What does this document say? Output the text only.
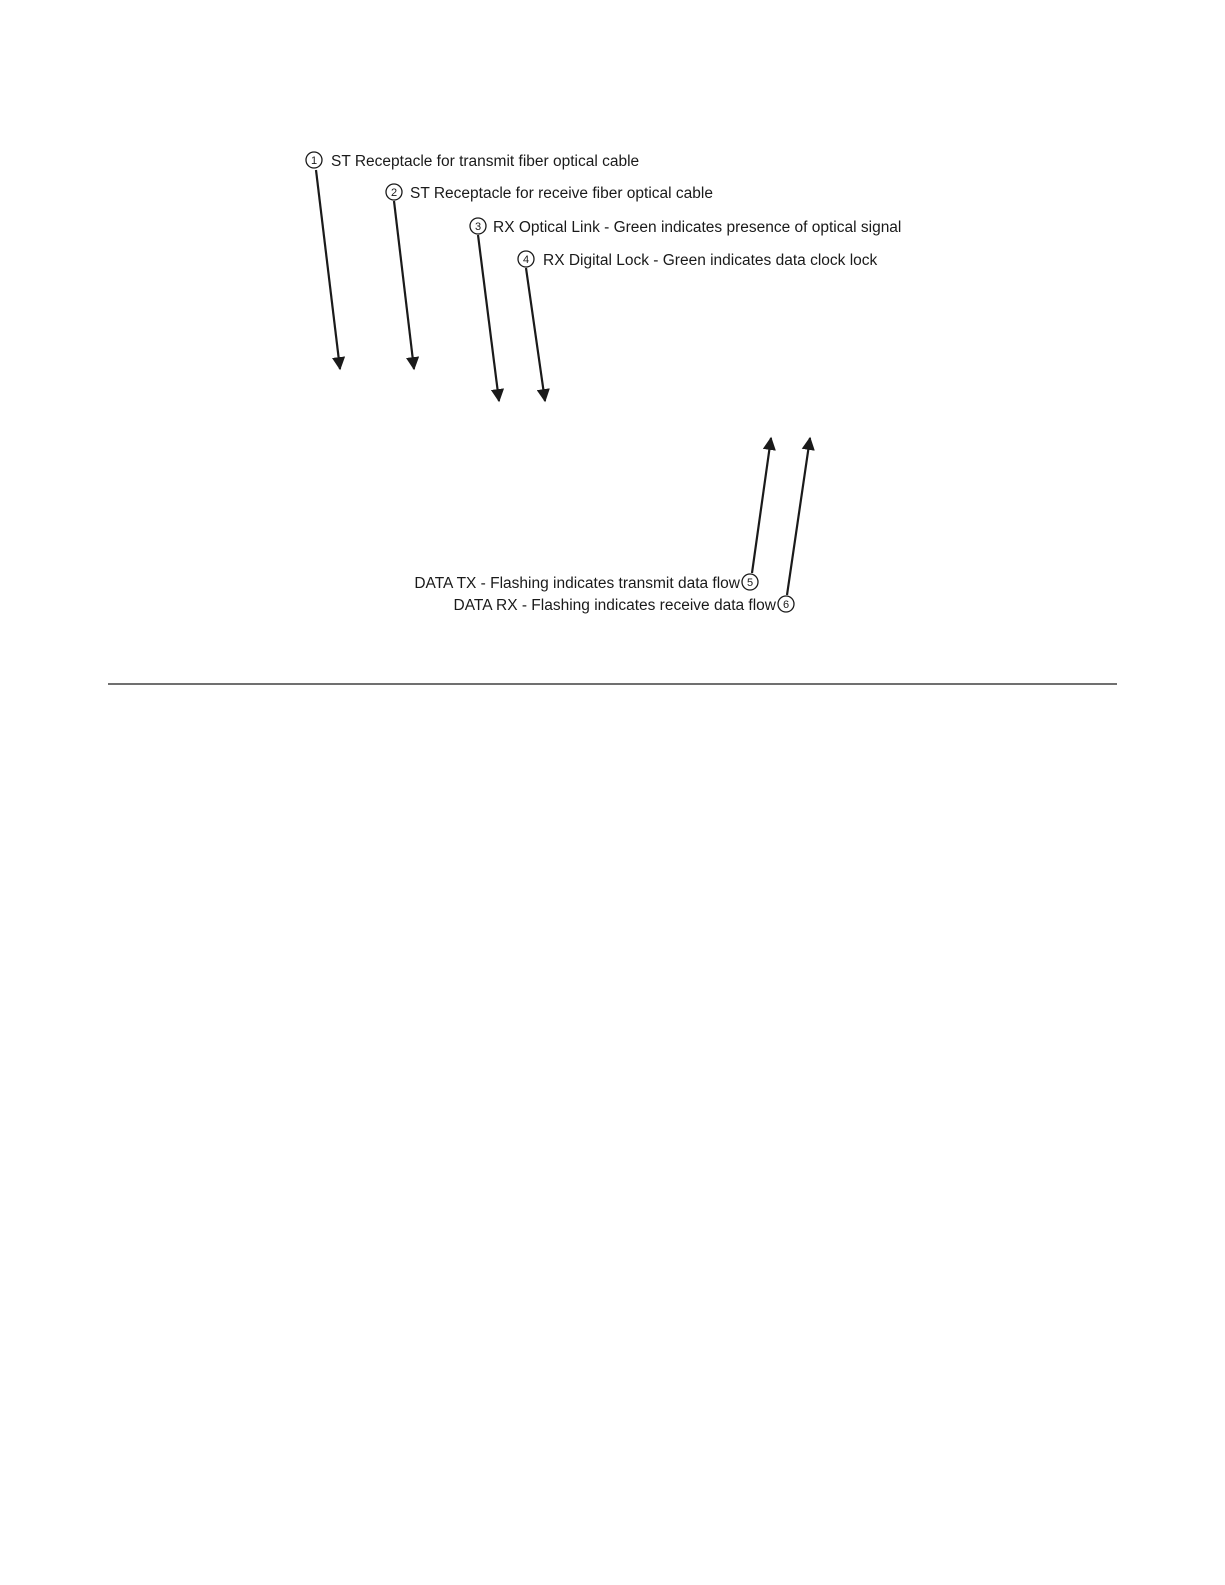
1 ST Receptacle for transmit fiber optical cable
2 ST Receptacle for receive fiber optical cable
3 RX Optical Link - Green indicates presence of optical signal
4 RX Digital Lock - Green indicates data clock lock
DATA TX - Flashing indicates transmit data flow 5
DATA RX - Flashing indicates receive data flow 6
